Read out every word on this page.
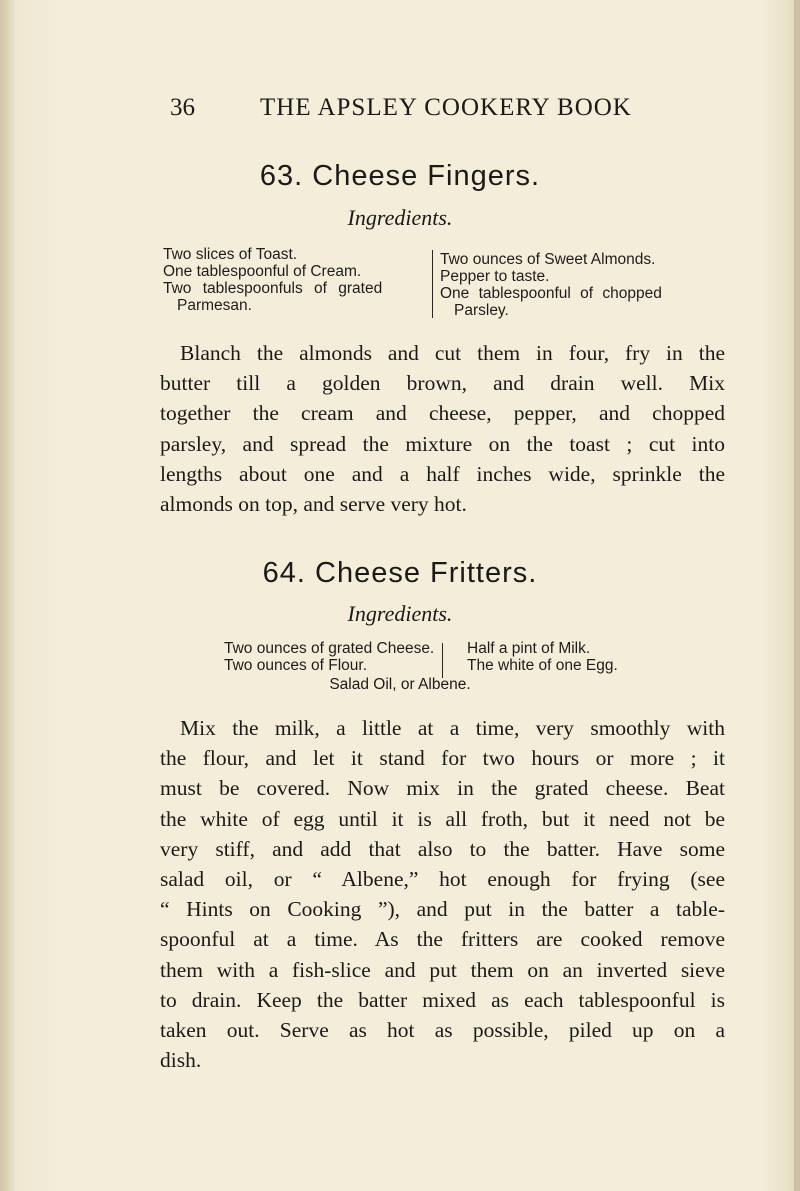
36	THE APSLEY COOKERY BOOK
63. Cheese Fingers.
Ingredients.
Two slices of Toast.
One tablespoonful of Cream.
Two tablespoonfuls of grated
Parmesan.
Two ounces of Sweet Almonds.
Pepper to taste.
One tablespoonful of chopped
Parsley.
Blanch the almonds and cut them in four, fry in the
butter till a golden brown, and drain well. Mix
together the cream and cheese, pepper, and chopped
parsley, and spread the mixture on the toast ; cut into
lengths about one and a half inches wide, sprinkle the
almonds on top, and serve very hot.
64. Cheese Fritters.
Ingredients.
Two ounces of grated Cheese.
Two ounces of Flour.
Half a pint of Milk.
The white of one Egg.
Salad Oil, or Albene.
Mix the milk, a little at a time, very smoothly with
the flour, and let it stand for two hours or more ; it
must be covered. Now mix in the grated cheese. Beat
the white of egg until it is all froth, but it need not be
very stiff, and add that also to the batter. Have some
salad oil, or “ Albene,” hot enough for frying (see
“ Hints on Cooking ”), and put in the batter a table-
spoonful at a time. As the fritters are cooked remove
them with a fish-slice and put them on an inverted sieve
to drain. Keep the batter mixed as each tablespoonful is
taken out. Serve as hot as possible, piled up on a
dish.
